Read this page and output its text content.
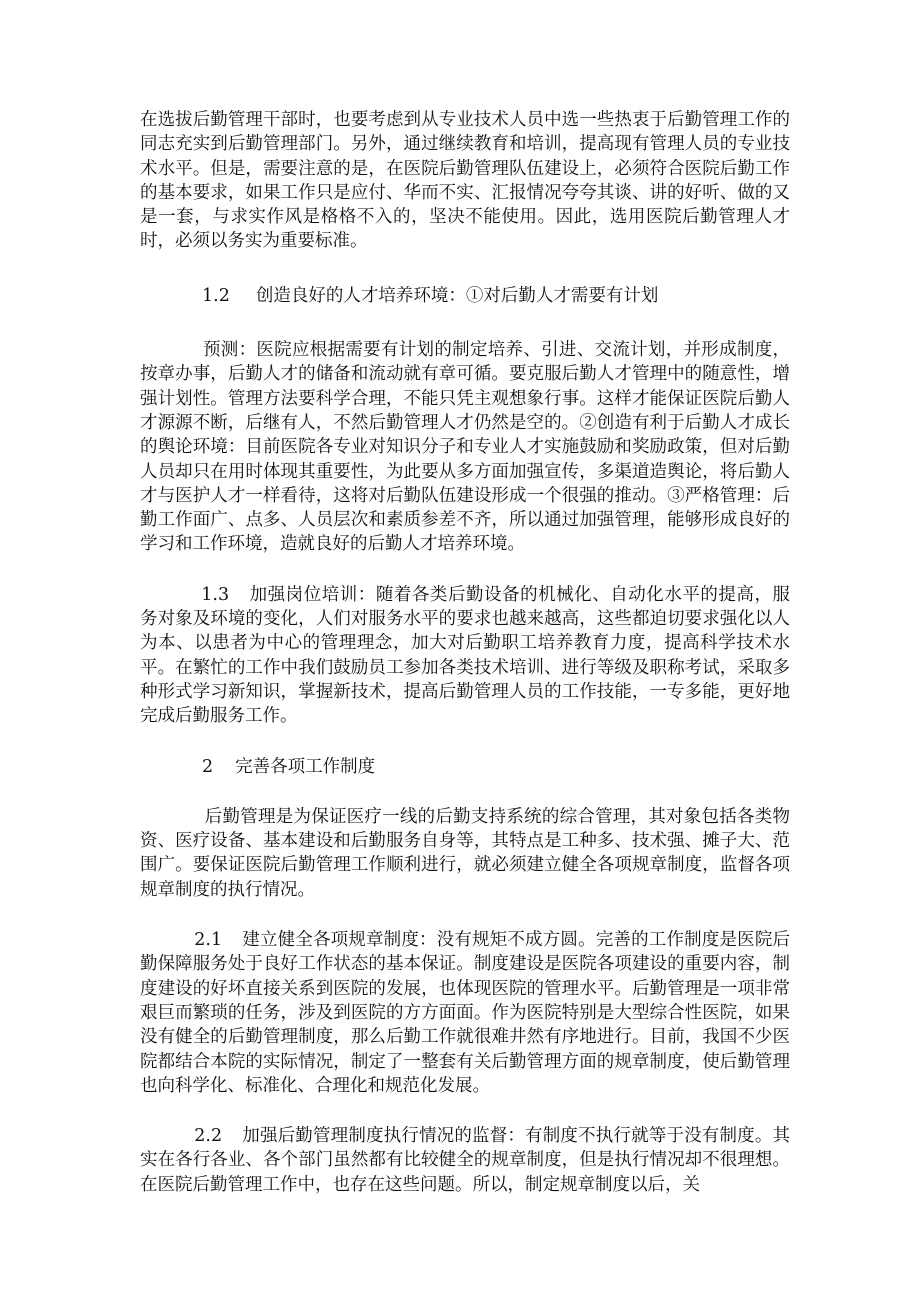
在选拔后勤管理干部时，也要考虑到从专业技术人员中选一些热衷于后勤管理工作的同志充实到后勤管理部门。另外，通过继续教育和培训，提高现有管理人员的专业技术水平。但是，需要注意的是，在医院后勤管理队伍建设上，必须符合医院后勤工作的基本要求，如果工作只是应付、华而不实、汇报情况夸夸其谈、讲的好听、做的又是一套，与求实作风是格格不入的，坚决不能使用。因此，选用医院后勤管理人才时，必须以务实为重要标准。

1.2 创造良好的人才培养环境：①对后勤人才需要有计划

预测：医院应根据需要有计划的制定培养、引进、交流计划，并形成制度，按章办事，后勤人才的储备和流动就有章可循。要克服后勤人才管理中的随意性，增强计划性。管理方法要科学合理，不能只凭主观想象行事。这样才能保证医院后勤人才源源不断，后继有人，不然后勤管理人才仍然是空的。②创造有利于后勤人才成长的舆论环境：目前医院各专业对知识分子和专业人才实施鼓励和奖励政策，但对后勤人员却只在用时体现其重要性，为此要从多方面加强宣传，多渠道造舆论，将后勤人才与医护人才一样看待，这将对后勤队伍建设形成一个很强的推动。③严格管理：后勤工作面广、点多、人员层次和素质参差不齐，所以通过加强管理，能够形成良好的学习和工作环境，造就良好的后勤人才培养环境。

1.3 加强岗位培训：随着各类后勤设备的机械化、自动化水平的提高，服务对象及环境的变化，人们对服务水平的要求也越来越高，这些都迫切要求强化以人为本、以患者为中心的管理理念，加大对后勤职工培养教育力度，提高科学技术水平。在繁忙的工作中我们鼓励员工参加各类技术培训、进行等级及职称考试，采取多种形式学习新知识，掌握新技术，提高后勤管理人员的工作技能，一专多能，更好地完成后勤服务工作。

2 完善各项工作制度

后勤管理是为保证医疗一线的后勤支持系统的综合管理，其对象包括各类物资、医疗设备、基本建设和后勤服务自身等，其特点是工种多、技术强、摊子大、范围广。要保证医院后勤管理工作顺利进行，就必须建立健全各项规章制度，监督各项规章制度的执行情况。

2.1 建立健全各项规章制度：没有规矩不成方圆。完善的工作制度是医院后勤保障服务处于良好工作状态的基本保证。制度建设是医院各项建设的重要内容，制度建设的好坏直接关系到医院的发展，也体现医院的管理水平。后勤管理是一项非常艰巨而繁琐的任务，涉及到医院的方方面面。作为医院特别是大型综合性医院，如果没有健全的后勤管理制度，那么后勤工作就很难井然有序地进行。目前，我国不少医院都结合本院的实际情况，制定了一整套有关后勤管理方面的规章制度，使后勤管理也向科学化、标准化、合理化和规范化发展。

2.2 加强后勤管理制度执行情况的监督：有制度不执行就等于没有制度。其实在各行各业、各个部门虽然都有比较健全的规章制度，但是执行情况却不很理想。在医院后勤管理工作中，也存在这些问题。所以，制定规章制度以后，关
